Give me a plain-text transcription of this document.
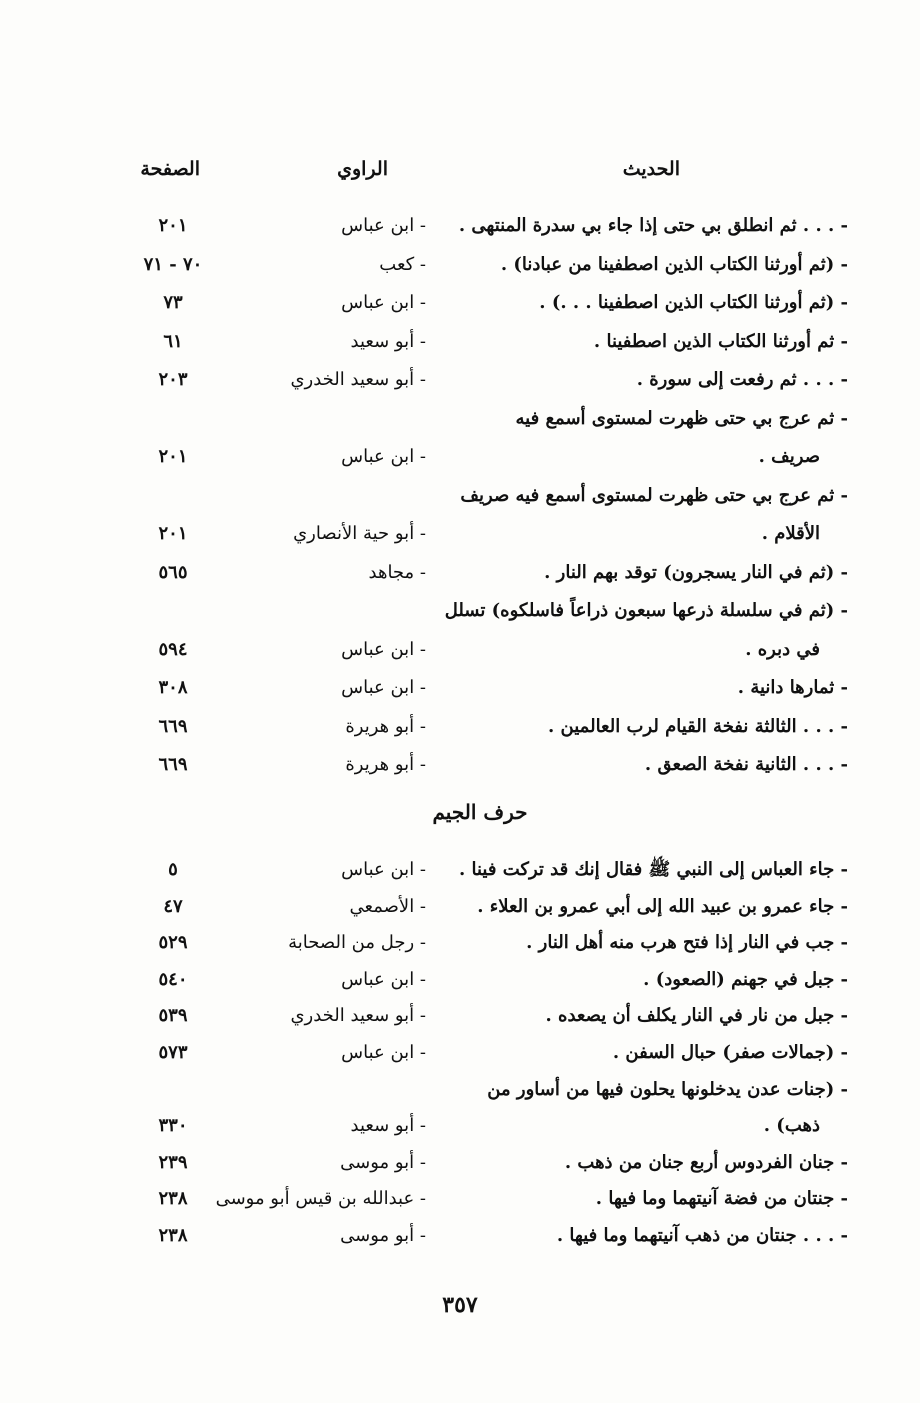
الحديث
الراوي
الصفحة
- . . . ثم انطلق بي حتى إذا جاء بي سدرة المنتهى .
- ابن عباس
٢٠١
- (ثم أورثنا الكتاب الذين اصطفينا من عبادنا) .
- كعب
٧٠ - ٧١
- (ثم أورثنا الكتاب الذين اصطفينا . . .) .
- ابن عباس
٧٣
- ثم أورثنا الكتاب الذين اصطفينا .
- أبو سعيد
٦١
- . . . ثم رفعت إلى سورة .
- أبو سعيد الخدري
٢٠٣
- ثم عرج بي حتى ظهرت لمستوى أسمع فيه
صريف .
- ابن عباس
٢٠١
- ثم عرج بي حتى ظهرت لمستوى أسمع فيه صريف
الأقلام .
- أبو حية الأنصاري
٢٠١
- (ثم في النار يسجرون) توقد بهم النار .
- مجاهد
٥٦٥
- (ثم في سلسلة ذرعها سبعون ذراعاً فاسلكوه) تسلل
في دبره .
- ابن عباس
٥٩٤
- ثمارها دانية .
- ابن عباس
٣٠٨
- . . . الثالثة نفخة القيام لرب العالمين .
- أبو هريرة
٦٦٩
- . . . الثانية نفخة الصعق .
- أبو هريرة
٦٦٩
حرف الجيم
- جاء العباس إلى النبي ﷺ فقال إنك قد تركت فينا .
- ابن عباس
٥
- جاء عمرو بن عبيد الله إلى أبي عمرو بن العلاء .
- الأصمعي
٤٧
- جب في النار إذا فتح هرب منه أهل النار .
- رجل من الصحابة
٥٢٩
- جبل في جهنم (الصعود) .
- ابن عباس
٥٤٠
- جبل من نار في النار يكلف أن يصعده .
- أبو سعيد الخدري
٥٣٩
- (جمالات صفر) حبال السفن .
- ابن عباس
٥٧٣
- (جنات عدن يدخلونها يحلون فيها من أساور من
ذهب) .
- أبو سعيد
٣٣٠
- جنان الفردوس أربع جنان من ذهب .
- أبو موسى
٢٣٩
- جنتان من فضة آنيتهما وما فيها .
- عبدالله بن قيس أبو موسى
٢٣٨
- . . . جنتان من ذهب آنيتهما وما فيها .
- أبو موسى
٢٣٨
٣٥٧
